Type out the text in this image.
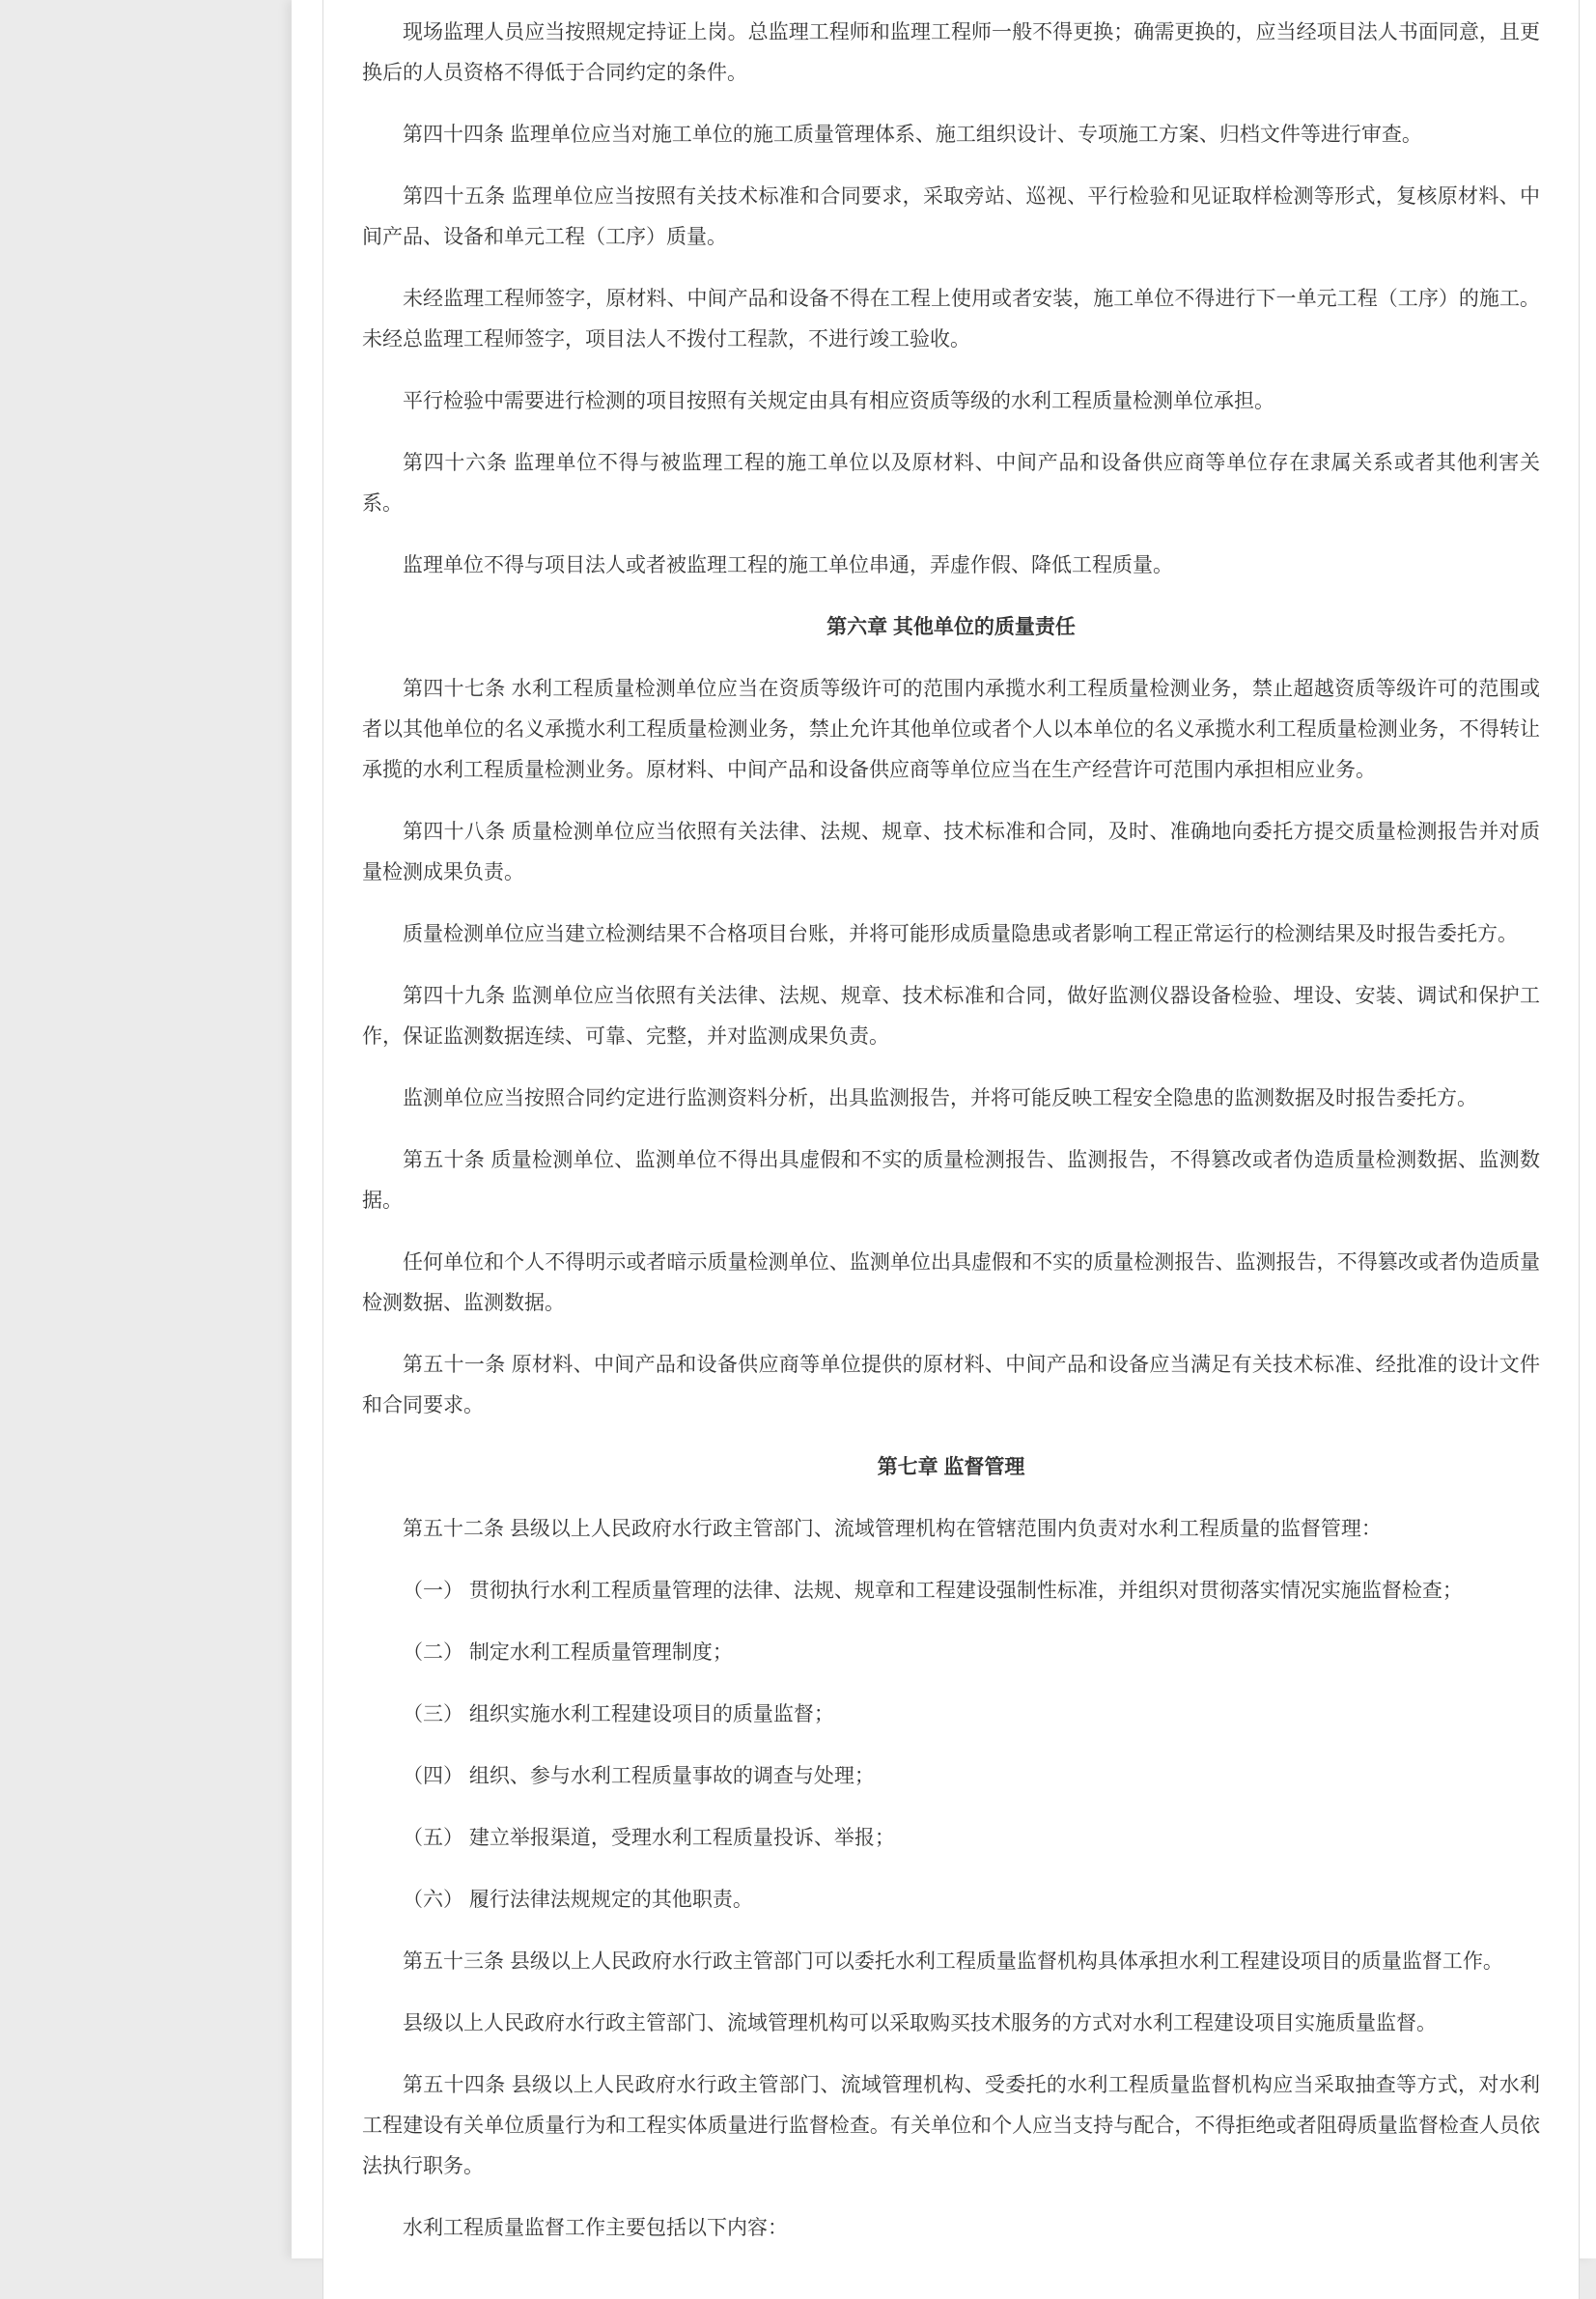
现场监理人员应当按照规定持证上岗。总监理工程师和监理工程师一般不得更换；确需更换的，应当经项目法人书面同意，且更换后的人员资格不得低于合同约定的条件。

第四十四条 监理单位应当对施工单位的施工质量管理体系、施工组织设计、专项施工方案、归档文件等进行审查。

第四十五条 监理单位应当按照有关技术标准和合同要求，采取旁站、巡视、平行检验和见证取样检测等形式，复核原材料、中间产品、设备和单元工程（工序）质量。

未经监理工程师签字，原材料、中间产品和设备不得在工程上使用或者安装，施工单位不得进行下一单元工程（工序）的施工。未经总监理工程师签字，项目法人不拨付工程款，不进行竣工验收。

平行检验中需要进行检测的项目按照有关规定由具有相应资质等级的水利工程质量检测单位承担。

第四十六条 监理单位不得与被监理工程的施工单位以及原材料、中间产品和设备供应商等单位存在隶属关系或者其他利害关系。

监理单位不得与项目法人或者被监理工程的施工单位串通，弄虚作假、降低工程质量。

第六章 其他单位的质量责任

第四十七条 水利工程质量检测单位应当在资质等级许可的范围内承揽水利工程质量检测业务，禁止超越资质等级许可的范围或者以其他单位的名义承揽水利工程质量检测业务，禁止允许其他单位或者个人以本单位的名义承揽水利工程质量检测业务，不得转让承揽的水利工程质量检测业务。原材料、中间产品和设备供应商等单位应当在生产经营许可范围内承担相应业务。

第四十八条 质量检测单位应当依照有关法律、法规、规章、技术标准和合同，及时、准确地向委托方提交质量检测报告并对质量检测成果负责。

质量检测单位应当建立检测结果不合格项目台账，并将可能形成质量隐患或者影响工程正常运行的检测结果及时报告委托方。

第四十九条 监测单位应当依照有关法律、法规、规章、技术标准和合同，做好监测仪器设备检验、埋设、安装、调试和保护工作，保证监测数据连续、可靠、完整，并对监测成果负责。

监测单位应当按照合同约定进行监测资料分析，出具监测报告，并将可能反映工程安全隐患的监测数据及时报告委托方。

第五十条 质量检测单位、监测单位不得出具虚假和不实的质量检测报告、监测报告，不得篡改或者伪造质量检测数据、监测数据。

任何单位和个人不得明示或者暗示质量检测单位、监测单位出具虚假和不实的质量检测报告、监测报告，不得篡改或者伪造质量检测数据、监测数据。

第五十一条 原材料、中间产品和设备供应商等单位提供的原材料、中间产品和设备应当满足有关技术标准、经批准的设计文件和合同要求。

第七章 监督管理

第五十二条 县级以上人民政府水行政主管部门、流域管理机构在管辖范围内负责对水利工程质量的监督管理：

（一） 贯彻执行水利工程质量管理的法律、法规、规章和工程建设强制性标准，并组织对贯彻落实情况实施监督检查；

（二） 制定水利工程质量管理制度；

（三） 组织实施水利工程建设项目的质量监督；

（四） 组织、参与水利工程质量事故的调查与处理；

（五） 建立举报渠道，受理水利工程质量投诉、举报；

（六） 履行法律法规规定的其他职责。

第五十三条 县级以上人民政府水行政主管部门可以委托水利工程质量监督机构具体承担水利工程建设项目的质量监督工作。

县级以上人民政府水行政主管部门、流域管理机构可以采取购买技术服务的方式对水利工程建设项目实施质量监督。

第五十四条 县级以上人民政府水行政主管部门、流域管理机构、受委托的水利工程质量监督机构应当采取抽查等方式，对水利工程建设有关单位质量行为和工程实体质量进行监督检查。有关单位和个人应当支持与配合，不得拒绝或者阻碍质量监督检查人员依法执行职务。

水利工程质量监督工作主要包括以下内容：
